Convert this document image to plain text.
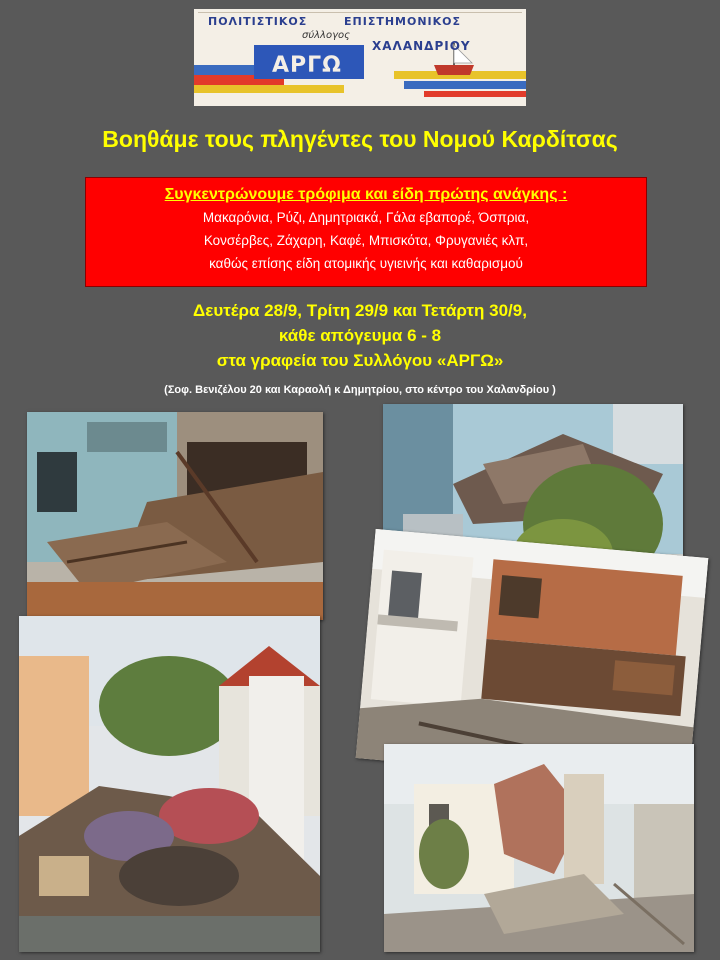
ΠΟΛΙΤΙΣΤΙΚΟΣ	ΕΠΙΣΤΗΜΟΝΙΚΟΣ
σύλλογος
ΧΑΛΑΝΔΡΙΟΥ
ΑΡΓΩ
Βοηθάμε τους πληγέντες του Νομού Καρδίτσας
Συγκεντρώνουμε τρόφιμα και είδη πρώτης ανάγκης :
Μακαρόνια, Ρύζι, Δημητριακά, Γάλα εβαπορέ, Όσπρια,
Κονσέρβες, Ζάχαρη, Καφέ, Μπισκότα, Φρυγανιές κλπ,
καθώς επίσης είδη ατομικής υγιεινής και καθαρισμού
Δευτέρα 28/9, Τρίτη 29/9 και Τετάρτη 30/9,
κάθε απόγευμα 6 - 8
στα γραφεία του Συλλόγου «ΑΡΓΩ»
(Σοφ. Βενιζέλου 20 και Καραολή κ Δημητρίου, στο κέντρο του Χαλανδρίου )
